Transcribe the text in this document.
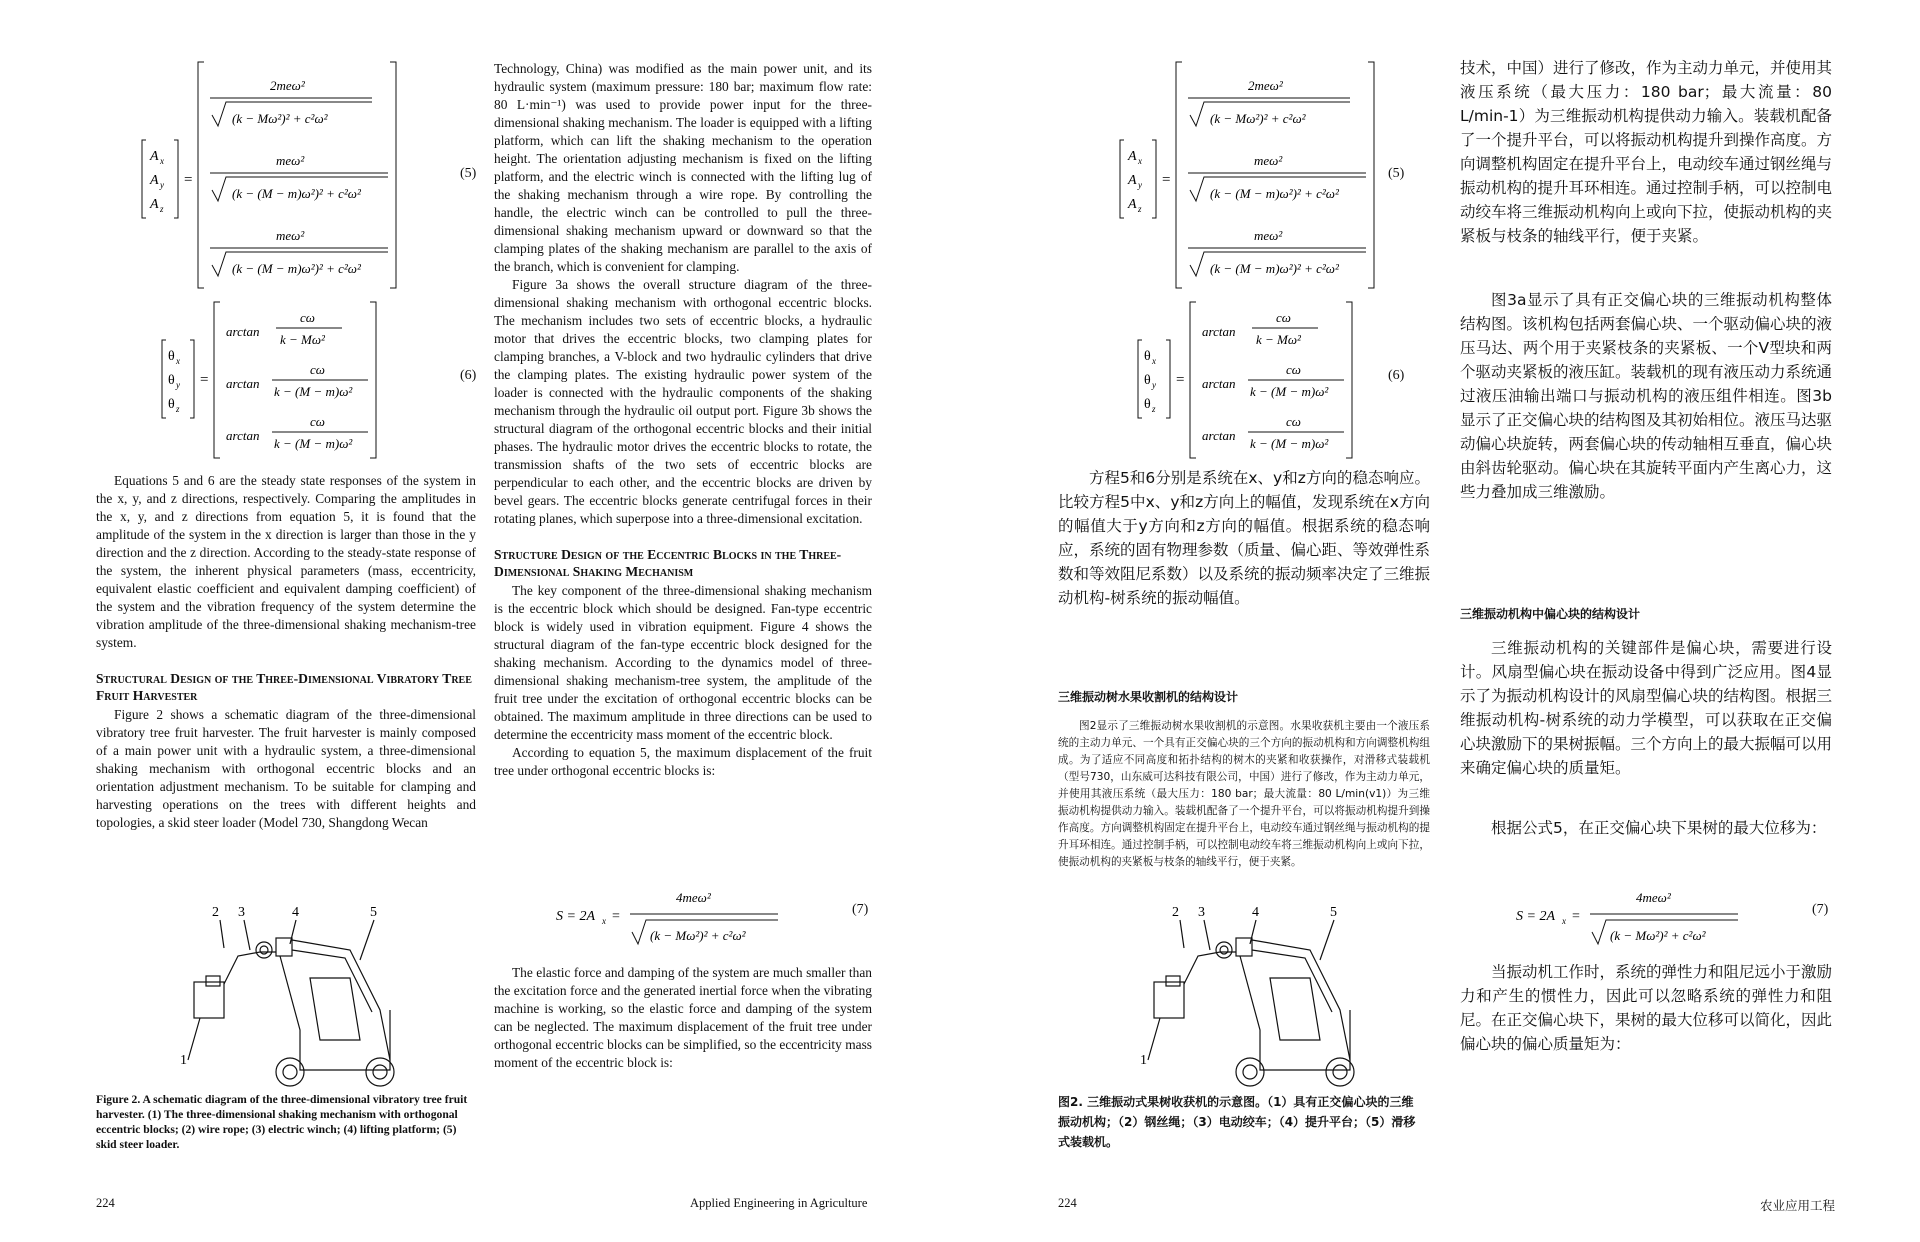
A x
A y
A z
=
2meω²
(k − Mω²)² + c²ω²
meω²
(k − (M − m)ω²)² + c²ω²
meω²
(k − (M − m)ω²)² + c²ω²
(5)
θ x
θ y
θ z
=
arctan
cω
k − Mω²
arctan
cω
k − (M − m)ω²
arctan
cω
k − (M − m)ω²
(6)

Equations 5 and 6 are the steady state responses of the system in the x, y, and z directions, respectively. Comparing the amplitudes in the x, y, and z directions from equation 5, it is found that the amplitude of the system in the x direction is larger than those in the y direction and the z direction. According to the steady-state response of the system, the inherent physical parameters (mass, eccentricity, equivalent elastic coefficient and equivalent damping coefficient) of the system and the vibration frequency of the system determine the vibration amplitude of the three-dimensional shaking mechanism-tree system.

Structural Design of the Three-Dimensional Vibratory Tree Fruit Harvester

Figure 2 shows a schematic diagram of the three-dimensional vibratory tree fruit harvester. The fruit harvester is mainly composed of a main power unit with a hydraulic system, a three-dimensional shaking mechanism with orthogonal eccentric blocks and an orientation adjustment mechanism. To be suitable for clamping and harvesting operations on the trees with different heights and topologies, a skid steer loader (Model 730, Shangdong Wecan

2 3	4	5
1
Figure 2. A schematic diagram of the three-dimensional vibratory tree fruit harvester. (1) The three-dimensional shaking mechanism with orthogonal eccentric blocks; (2) wire rope; (3) electric winch; (4) lifting platform; (5) skid steer loader.

Technology, China) was modified as the main power unit, and its hydraulic system (maximum pressure: 180 bar; maximum flow rate: 80 L·min⁻¹) was used to provide power input for the three-dimensional shaking mechanism. The loader is equipped with a lifting platform, which can lift the shaking mechanism to the operation height. The orientation adjusting mechanism is fixed on the lifting platform, and the electric winch is connected with the lifting lug of the shaking mechanism through a wire rope. By controlling the handle, the electric winch can be controlled to pull the three-dimensional shaking mechanism upward or downward so that the clamping plates of the shaking mechanism are parallel to the axis of the branch, which is convenient for clamping.

Figure 3a shows the overall structure diagram of the three-dimensional shaking mechanism with orthogonal eccentric blocks. The mechanism includes two sets of eccentric blocks, a hydraulic motor that drives the eccentric blocks, two clamping plates for clamping branches, a V-block and two hydraulic cylinders that drive the clamping plates. The existing hydraulic power system of the loader is connected with the hydraulic components of the shaking mechanism through the hydraulic oil output port. Figure 3b shows the structural diagram of the orthogonal eccentric blocks and their initial phases. The hydraulic motor drives the eccentric blocks to rotate, the transmission shafts of the two sets of eccentric blocks are perpendicular to each other, and the eccentric blocks are driven by bevel gears. The eccentric blocks generate centrifugal forces in their rotating planes, which superpose into a three-dimensional excitation.

Structure Design of the Eccentric Blocks in the Three-Dimensional Shaking Mechanism

The key component of the three-dimensional shaking mechanism is the eccentric block which should be designed. Fan-type eccentric block is widely used in vibration equipment. Figure 4 shows the structural diagram of the fan-type eccentric block designed for the shaking mechanism. According to the dynamics model of three-dimensional shaking mechanism-tree system, the amplitude of the fruit tree under the excitation of orthogonal eccentric blocks can be obtained. The maximum amplitude in three directions can be used to determine the eccentricity mass moment of the eccentric block.

According to equation 5, the maximum displacement of the fruit tree under orthogonal eccentric blocks is:

S = 2A x =
4meω²
(k − Mω²)² + c²ω²
(7)

The elastic force and damping of the system are much smaller than the excitation force and the generated inertial force when the vibrating machine is working, so the elastic force and damping of the system can be neglected. The maximum displacement of the fruit tree under orthogonal eccentric blocks can be simplified, so the eccentricity mass moment of the eccentric block is:

224	Applied Engineering in Agriculture
A x
A y
A z
=
2meω²
(k − Mω²)² + c²ω²
meω²
(k − (M − m)ω²)² + c²ω²
meω²
(k − (M − m)ω²)² + c²ω²
(5)
θ x
θ y
θ z
=
arctan
cω
k − Mω²
arctan
cω
k − (M − m)ω²
arctan
cω
k − (M − m)ω²
(6)

方程5和6分别是系统在x、y和z方向的稳态响应。比较方程5中x、y和z方向上的幅值，发现系统在x方向的幅值大于y方向和z方向的幅值。根据系统的稳态响应，系统的固有物理参数（质量、偏心距、等效弹性系数和等效阻尼系数）以及系统的振动频率决定了三维振动机构-树系统的振动幅值。

三维振动树水果收割机的结构设计

图2显示了三维振动树水果收割机的示意图。水果收获机主要由一个液压系统的主动力单元、一个具有正交偏心块的三个方向的振动机构和方向调整机构组成。为了适应不同高度和拓扑结构的树木的夹紧和收获操作，对滑移式装载机（型号730，山东威可达科技有限公司，中国）进行了修改，作为主动力单元，并使用其液压系统（最大压力：180 bar；最大流量：80 L/min(v1)）为三维振动机构提供动力输入。装载机配备了一个提升平台，可以将振动机构提升到操作高度。方向调整机构固定在提升平台上，电动绞车通过钢丝绳与振动机构的提升耳环相连。通过控制手柄，可以控制电动绞车将三维振动机构向上或向下拉，使振动机构的夹紧板与枝条的轴线平行，便于夹紧。

2 3	4	5
1
图2. 三维振动式果树收获机的示意图。（1）具有正交偏心块的三维振动机构；（2）钢丝绳；（3）电动绞车；（4）提升平台；（5）滑移式装载机。

技术，中国）进行了修改，作为主动力单元，并使用其液压系统（最大压力：180 bar；最大流量：80 L/min-1）为三维振动机构提供动力输入。装载机配备了一个提升平台，可以将振动机构提升到操作高度。方向调整机构固定在提升平台上，电动绞车通过钢丝绳与振动机构的提升耳环相连。通过控制手柄，可以控制电动绞车将三维振动机构向上或向下拉，使振动机构的夹紧板与枝条的轴线平行，便于夹紧。

图3a显示了具有正交偏心块的三维振动机构整体结构图。该机构包括两套偏心块、一个驱动偏心块的液压马达、两个用于夹紧枝条的夹紧板、一个V型块和两个驱动夹紧板的液压缸。装载机的现有液压动力系统通过液压油输出端口与振动机构的液压组件相连。图3b显示了正交偏心块的结构图及其初始相位。液压马达驱动偏心块旋转，两套偏心块的传动轴相互垂直，偏心块由斜齿轮驱动。偏心块在其旋转平面内产生离心力，这些力叠加成三维激励。

三维振动机构中偏心块的结构设计

三维振动机构的关键部件是偏心块，需要进行设计。风扇型偏心块在振动设备中得到广泛应用。图4显示了为振动机构设计的风扇型偏心块的结构图。根据三维振动机构-树系统的动力学模型，可以获取在正交偏心块激励下的果树振幅。三个方向上的最大振幅可以用来确定偏心块的质量矩。

根据公式5，在正交偏心块下果树的最大位移为：

S = 2A x =
4meω²
(k − Mω²)² + c²ω²
(7)

当振动机工作时，系统的弹性力和阻尼远小于激励力和产生的惯性力，因此可以忽略系统的弹性力和阻尼。在正交偏心块下，果树的最大位移可以简化，因此偏心块的偏心质量矩为：

224	农业应用工程
